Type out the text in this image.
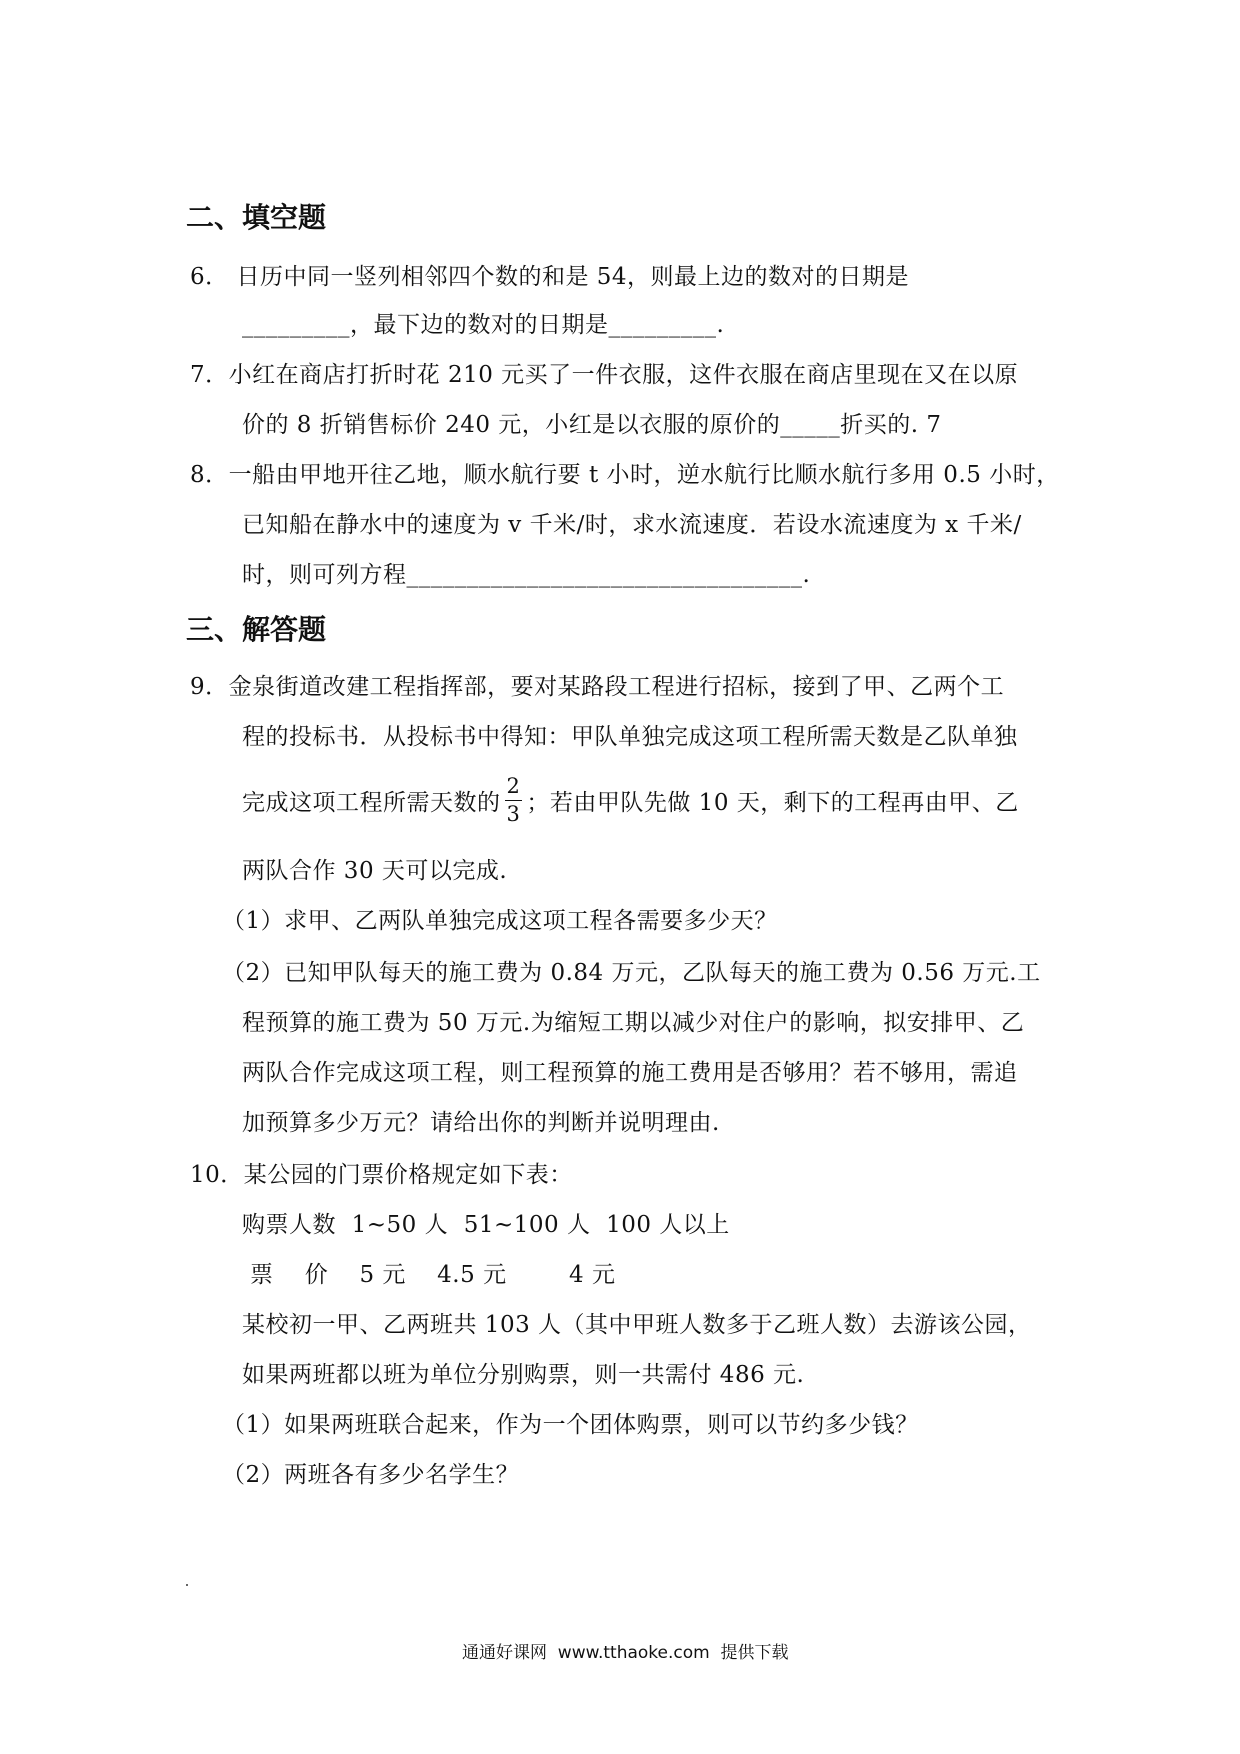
二、填空题
6． 日历中同一竖列相邻四个数的和是 54，则最上边的数对的日期是
_________，最下边的数对的日期是_________.
7．小红在商店打折时花 210 元买了一件衣服，这件衣服在商店里现在又在以原
价的 8 折销售标价 240 元，小红是以衣服的原价的_____折买的. 7
8．一船由甲地开往乙地，顺水航行要 t 小时，逆水航行比顺水航行多用 0.5 小时，
已知船在静水中的速度为 v 千米/时，求水流速度．若设水流速度为 x 千米/
时，则可列方程_________________________________.
三、解答题
9．金泉街道改建工程指挥部，要对某路段工程进行招标，接到了甲、乙两个工
程的投标书．从投标书中得知：甲队单独完成这项工程所需天数是乙队单独
完成这项工程所需天数的 $\frac{2}{3}$ ；若由甲队先做 10 天，剩下的工程再由甲、乙
两队合作 30 天可以完成.
（1）求甲、乙两队单独完成这项工程各需要多少天？
（2）已知甲队每天的施工费为 0.84 万元，乙队每天的施工费为 0.56 万元.工
程预算的施工费为 50 万元.为缩短工期以减少对住户的影响，拟安排甲、乙
两队合作完成这项工程，则工程预算的施工费用是否够用？若不够用，需追
加预算多少万元？请给出你的判断并说明理由.
10．某公园的门票价格规定如下表：
购票人数  1~50 人  51~100 人  100 人以上
票    价    5 元    4.5 元        4 元
某校初一甲、乙两班共 103 人（其中甲班人数多于乙班人数）去游该公园，
如果两班都以班为单位分别购票，则一共需付 486 元.
（1）如果两班联合起来，作为一个团体购票，则可以节约多少钱？
（2）两班各有多少名学生？
通通好课网  www.tthaoke.com  提供下载
